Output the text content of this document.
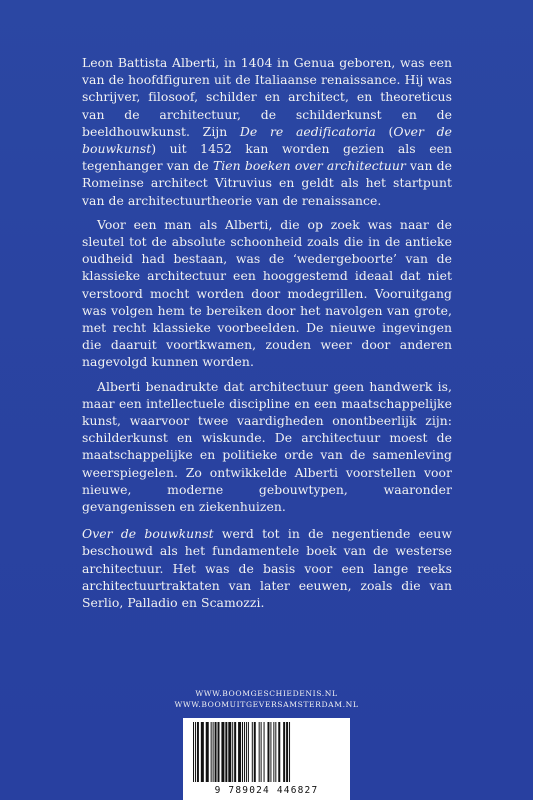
Leon Battista Alberti, in 1404 in Genua geboren, was een van de hoofdfiguren uit de Italiaanse renaissance. Hij was schrijver, filosoof, schilder en architect, en theoreticus van de architectuur, de schilderkunst en de beeldhouwkunst. Zijn De re aedificatoria (Over de bouwkunst) uit 1452 kan worden gezien als een tegenhanger van de Tien boeken over architectuur van de Romeinse architect Vitruvius en geldt als het startpunt van de architectuurtheorie van de renaissance.

Voor een man als Alberti, die op zoek was naar de sleutel tot de absolute schoonheid zoals die in de antieke oudheid had bestaan, was de ‘wedergeboorte’ van de klassieke architectuur een hooggestemd ideaal dat niet verstoord mocht worden door modegrillen. Vooruitgang was volgen hem te bereiken door het navolgen van grote, met recht klassieke voorbeelden. De nieuwe ingevingen die daaruit voortkwamen, zouden weer door anderen nagevolgd kunnen worden.

Alberti benadrukte dat architectuur geen handwerk is, maar een intellectuele discipline en een maatschappelijke kunst, waarvoor twee vaardigheden onontbeerlijk zijn: schilderkunst en wiskunde. De architectuur moest de maatschappelijke en politieke orde van de samenleving weerspiegelen. Zo ontwikkelde Alberti voorstellen voor nieuwe, moderne gebouwtypen, waaronder gevangenissen en ziekenhuizen.

Over de bouwkunst werd tot in de negentiende eeuw beschouwd als het fundamentele boek van de westerse architectuur. Het was de basis voor een lange reeks architectuurtraktaten van later eeuwen, zoals die van Serlio, Palladio en Scamozzi.

WWW.BOOMGESCHIEDENIS.NL
WWW.BOOMUITGEVERSAMSTERDAM.NL
9 789024 446827
